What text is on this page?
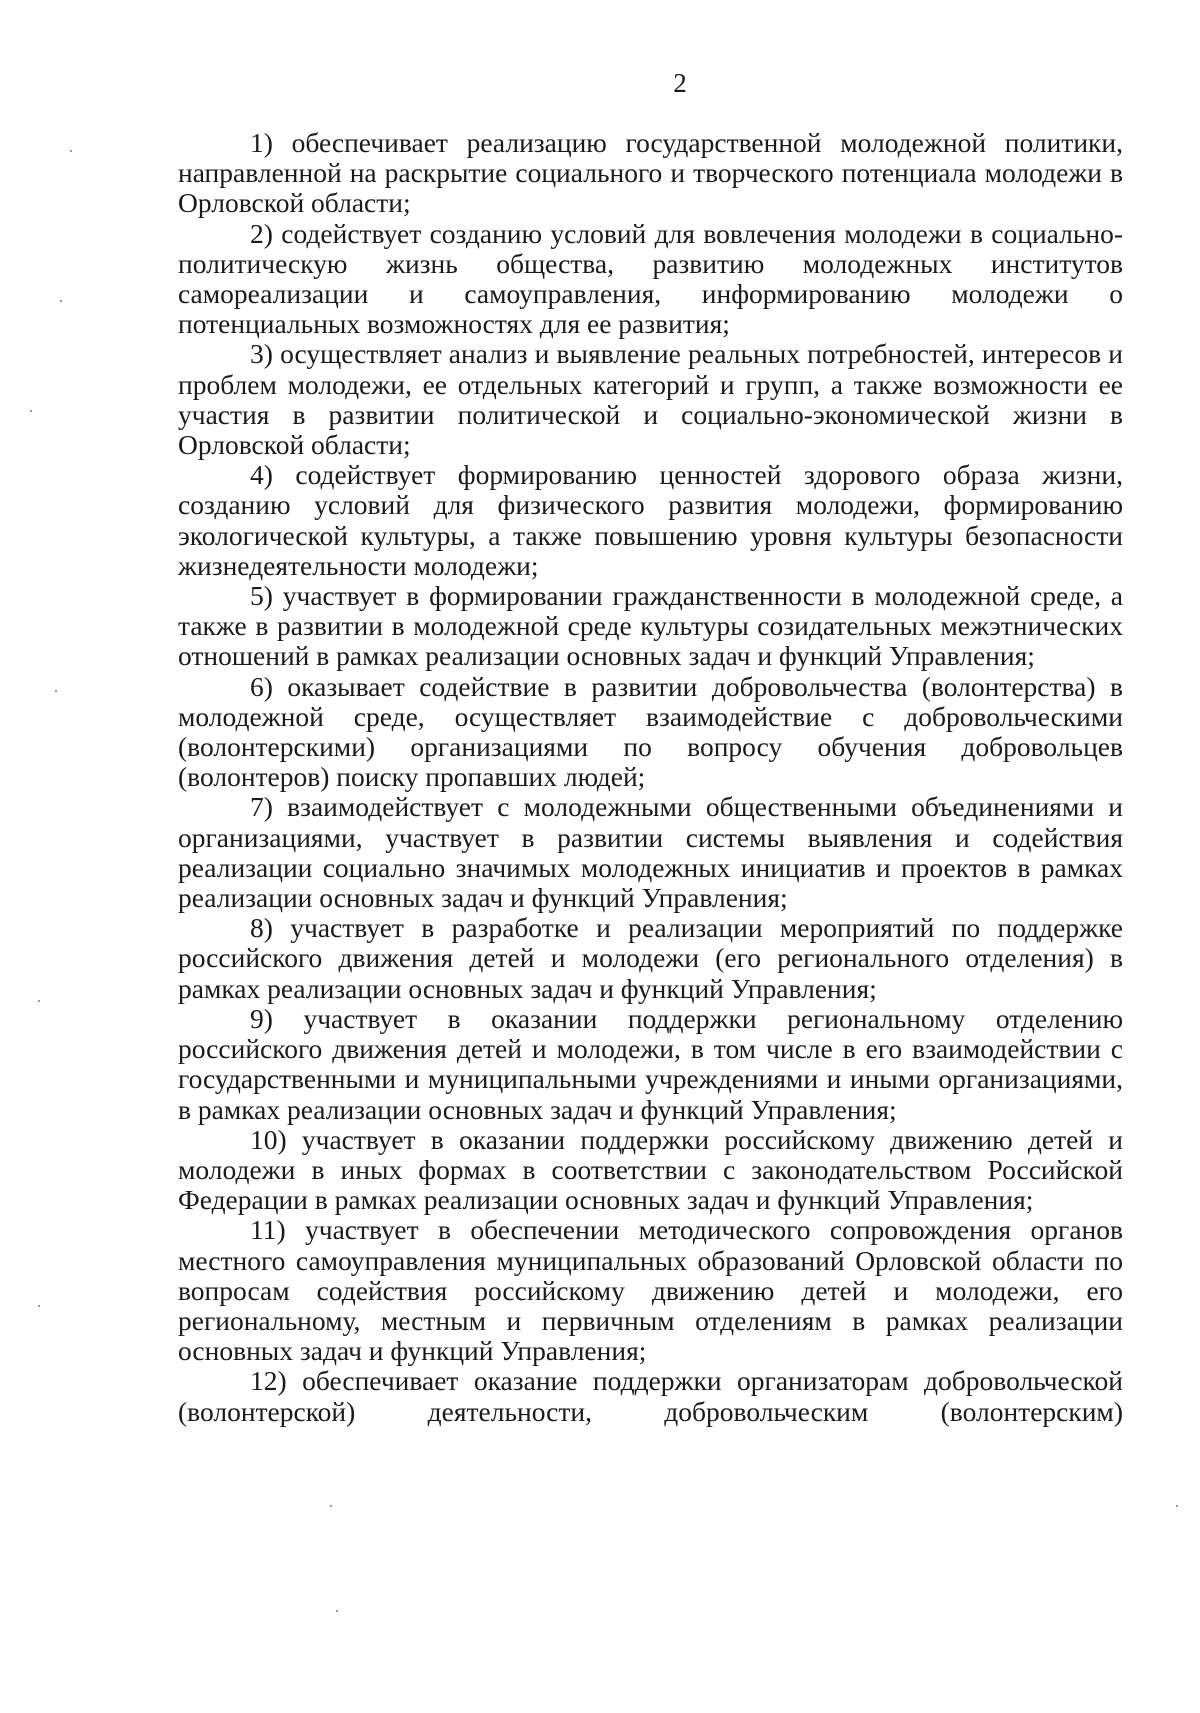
2

1) обеспечивает реализацию государственной молодежной политики, направленной на раскрытие социального и творческого потенциала молодежи в Орловской области;

2) содействует созданию условий для вовлечения молодежи в социально-политическую жизнь общества, развитию молодежных институтов самореализации и самоуправления, информированию молодежи о потенциальных возможностях для ее развития;

3) осуществляет анализ и выявление реальных потребностей, интересов и проблем молодежи, ее отдельных категорий и групп, а также возможности ее участия в развитии политической и социально-экономической жизни в Орловской области;

4) содействует формированию ценностей здорового образа жизни, созданию условий для физического развития молодежи, формированию экологической культуры, а также повышению уровня культуры безопасности жизнедеятельности молодежи;

5) участвует в формировании гражданственности в молодежной среде, а также в развитии в молодежной среде культуры созидательных межэтнических отношений в рамках реализации основных задач и функций Управления;

6) оказывает содействие в развитии добровольчества (волонтерства) в молодежной среде, осуществляет взаимодействие с добровольческими (волонтерскими) организациями по вопросу обучения добровольцев (волонтеров) поиску пропавших людей;

7) взаимодействует с молодежными общественными объединениями и организациями, участвует в развитии системы выявления и содействия реализации социально значимых молодежных инициатив и проектов в рамках реализации основных задач и функций Управления;

8) участвует в разработке и реализации мероприятий по поддержке российского движения детей и молодежи (его регионального отделения) в рамках реализации основных задач и функций Управления;

9) участвует в оказании поддержки региональному отделению российского движения детей и молодежи, в том числе в его взаимодействии с государственными и муниципальными учреждениями и иными организациями, в рамках реализации основных задач и функций Управления;

10) участвует в оказании поддержки российскому движению детей и молодежи в иных формах в соответствии с законодательством Российской Федерации в рамках реализации основных задач и функций Управления;

11) участвует в обеспечении методического сопровождения органов местного самоуправления муниципальных образований Орловской области по вопросам содействия российскому движению детей и молодежи, его региональному, местным и первичным отделениям в рамках реализации основных задач и функций Управления;

12) обеспечивает оказание поддержки организаторам добровольческой (волонтерской) деятельности, добровольческим (волонтерским)
